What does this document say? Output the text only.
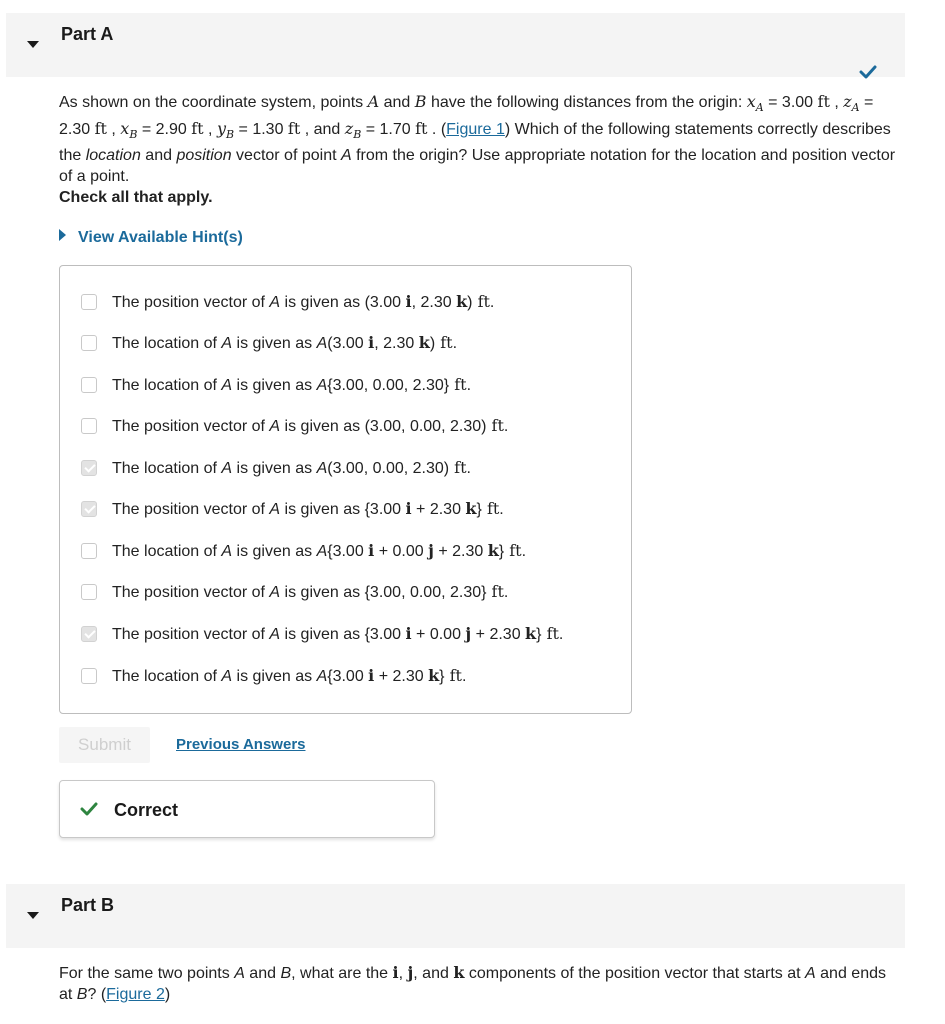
Part A
As shown on the coordinate system, points A and B have the following distances from the origin: $x_A = 3.00$ ft , $z_A = 2.30$ ft , $x_B = 2.90$ ft , $y_B = 1.30$ ft , and $z_B = 1.70$ ft . (Figure 1) Which of the following statements correctly describes the location and position vector of point A from the origin? Use appropriate notation for the location and position vector of a point.
Check all that apply.
View Available Hint(s)
The position vector of A is given as (3.00 i, 2.30 k) ft.
The location of A is given as A(3.00 i, 2.30 k) ft.
The location of A is given as A{3.00, 0.00, 2.30} ft.
The position vector of A is given as (3.00, 0.00, 2.30) ft.
The location of A is given as A(3.00, 0.00, 2.30) ft.
The position vector of A is given as {3.00 i + 2.30 k} ft.
The location of A is given as A{3.00 i + 0.00 j + 2.30 k} ft.
The position vector of A is given as {3.00, 0.00, 2.30} ft.
The position vector of A is given as {3.00 i + 0.00 j + 2.30 k} ft.
The location of A is given as A{3.00 i + 2.30 k} ft.
Submit	Previous Answers
Correct
Part B
For the same two points A and B, what are the i, j, and k components of the position vector that starts at A and ends at B? (Figure 2)
